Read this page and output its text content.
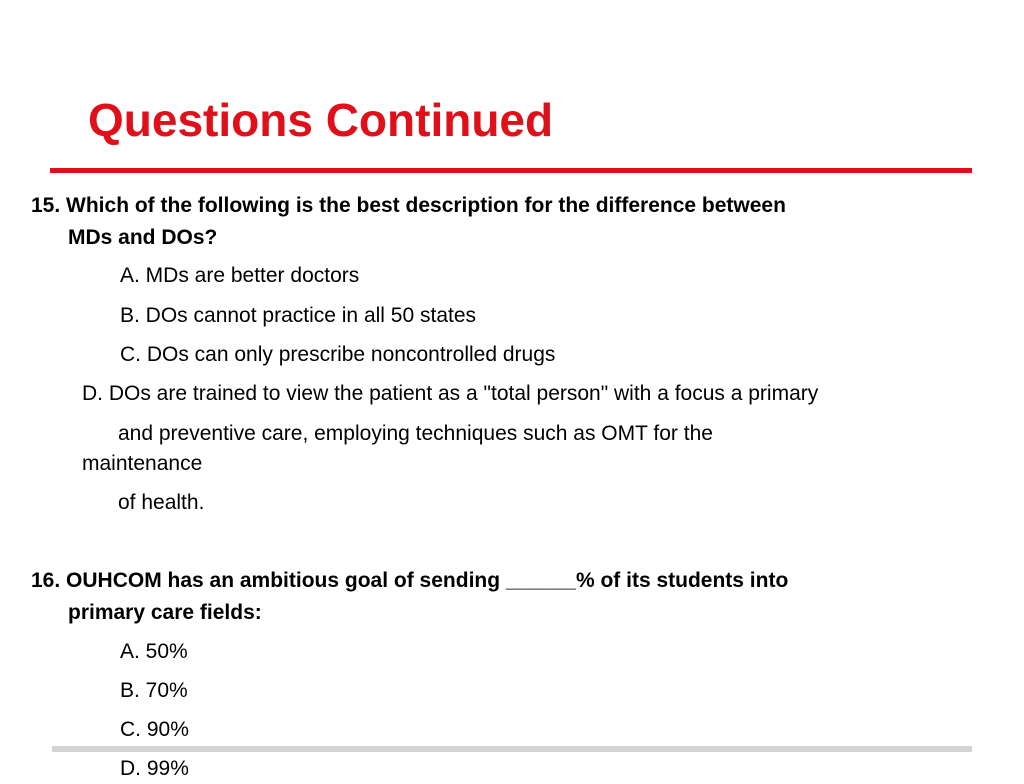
Questions Continued
15. Which of the following is the best description for the difference between
MDs and DOs?
A. MDs are better doctors
B. DOs cannot practice in all 50 states
C. DOs can only prescribe noncontrolled drugs
D. DOs are trained to view the patient as a "total person" with a focus a primary
and preventive care, employing techniques such as OMT for the
maintenance
of health.
16. OUHCOM has an ambitious goal of sending ______% of its students into
primary care fields:
A. 50%
B. 70%
C. 90%
D. 99%
